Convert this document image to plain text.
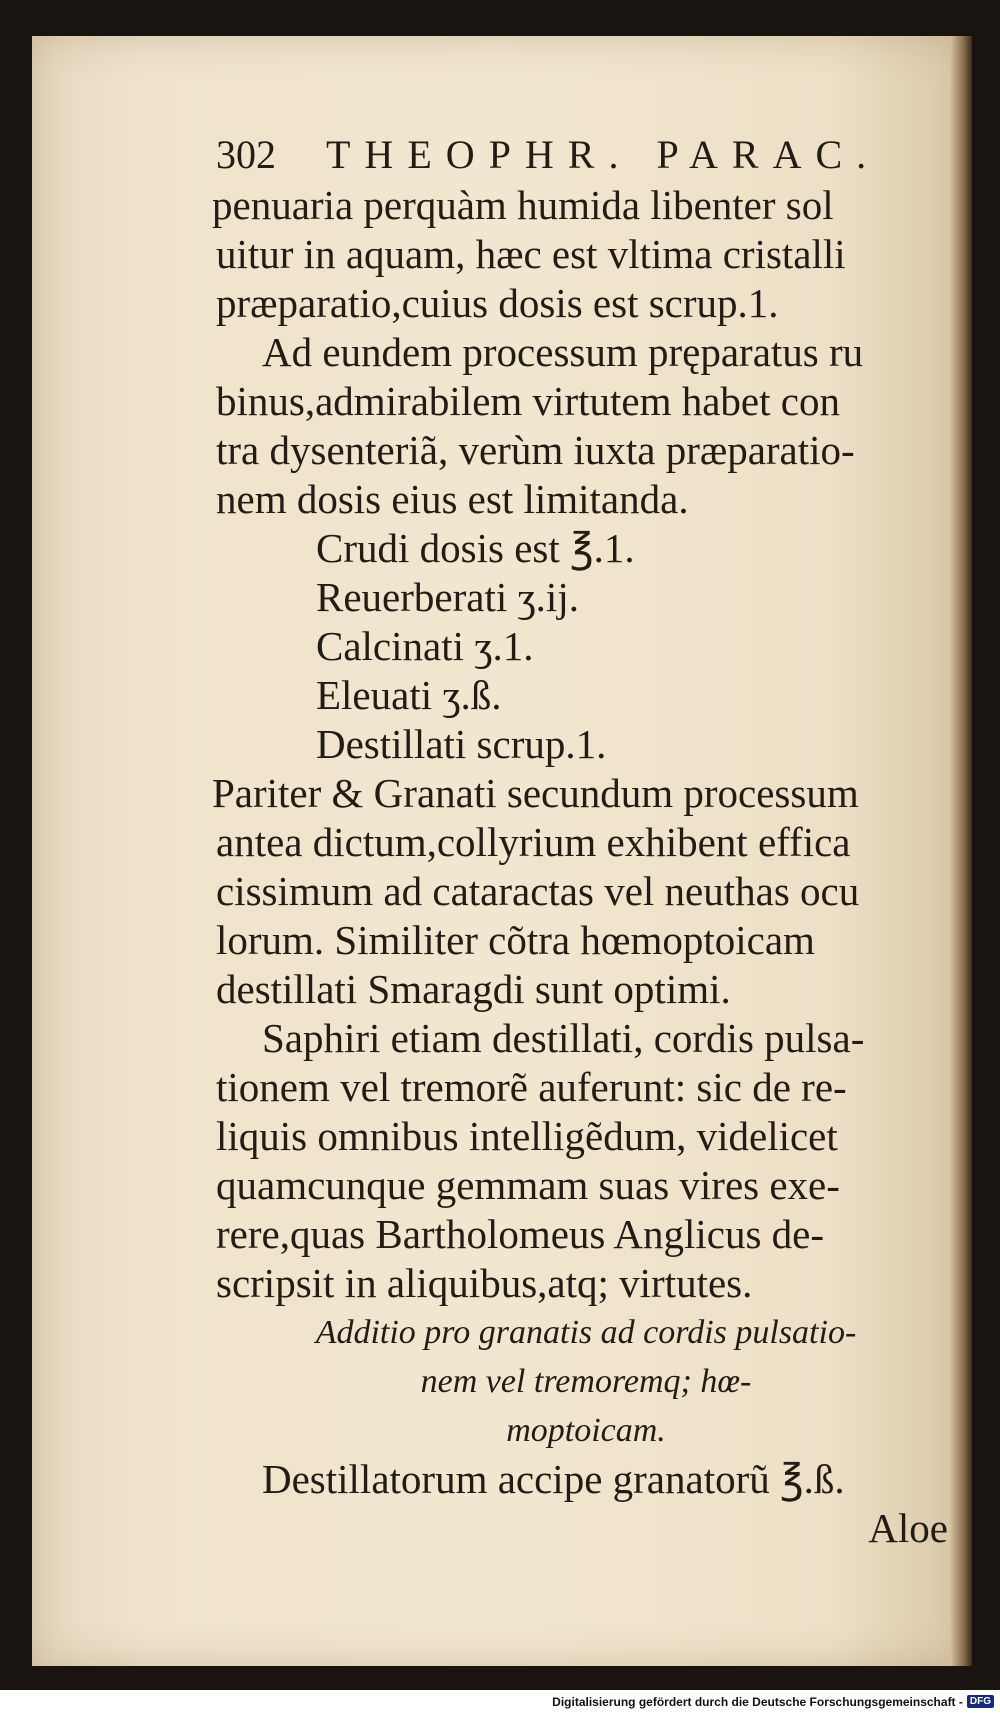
302	THEOPHR. PARAC.
penuaria perquàm humida libenter sol
uitur in aquam, hæc est vltima cristalli
præparatio,cuius dosis est scrup.1.
Ad eundem processum pręparatus ru
binus,admirabilem virtutem habet con
tra dysenteriã, verùm iuxta præparatio-
nem dosis eius est limitanda.
Crudi dosis est ℥.1.
Reuerberati ʒ.ij.
Calcinati ʒ.1.
Eleuati ʒ.ß.
Destillati scrup.1.
Pariter & Granati secundum processum
antea dictum,collyrium exhibent effica
cissimum ad cataractas vel neuthas ocu
lorum. Similiter cõtra hœmoptoicam
destillati Smaragdi sunt optimi.
Saphiri etiam destillati, cordis pulsa-
tionem vel tremorẽ auferunt: sic de re-
liquis omnibus intelligẽdum, videlicet
quamcunque gemmam suas vires exe-
rere,quas Bartholomeus Anglicus de-
scripsit in aliquibus,atq; virtutes.
Additio pro granatis ad cordis pulsatio-
nem vel tremoremq; hœ-
moptoicam.
Destillatorum accipe granatorũ ℥.ß.
Aloe
Digitalisierung gefördert durch die Deutsche Forschungsgemeinschaft - DFG
